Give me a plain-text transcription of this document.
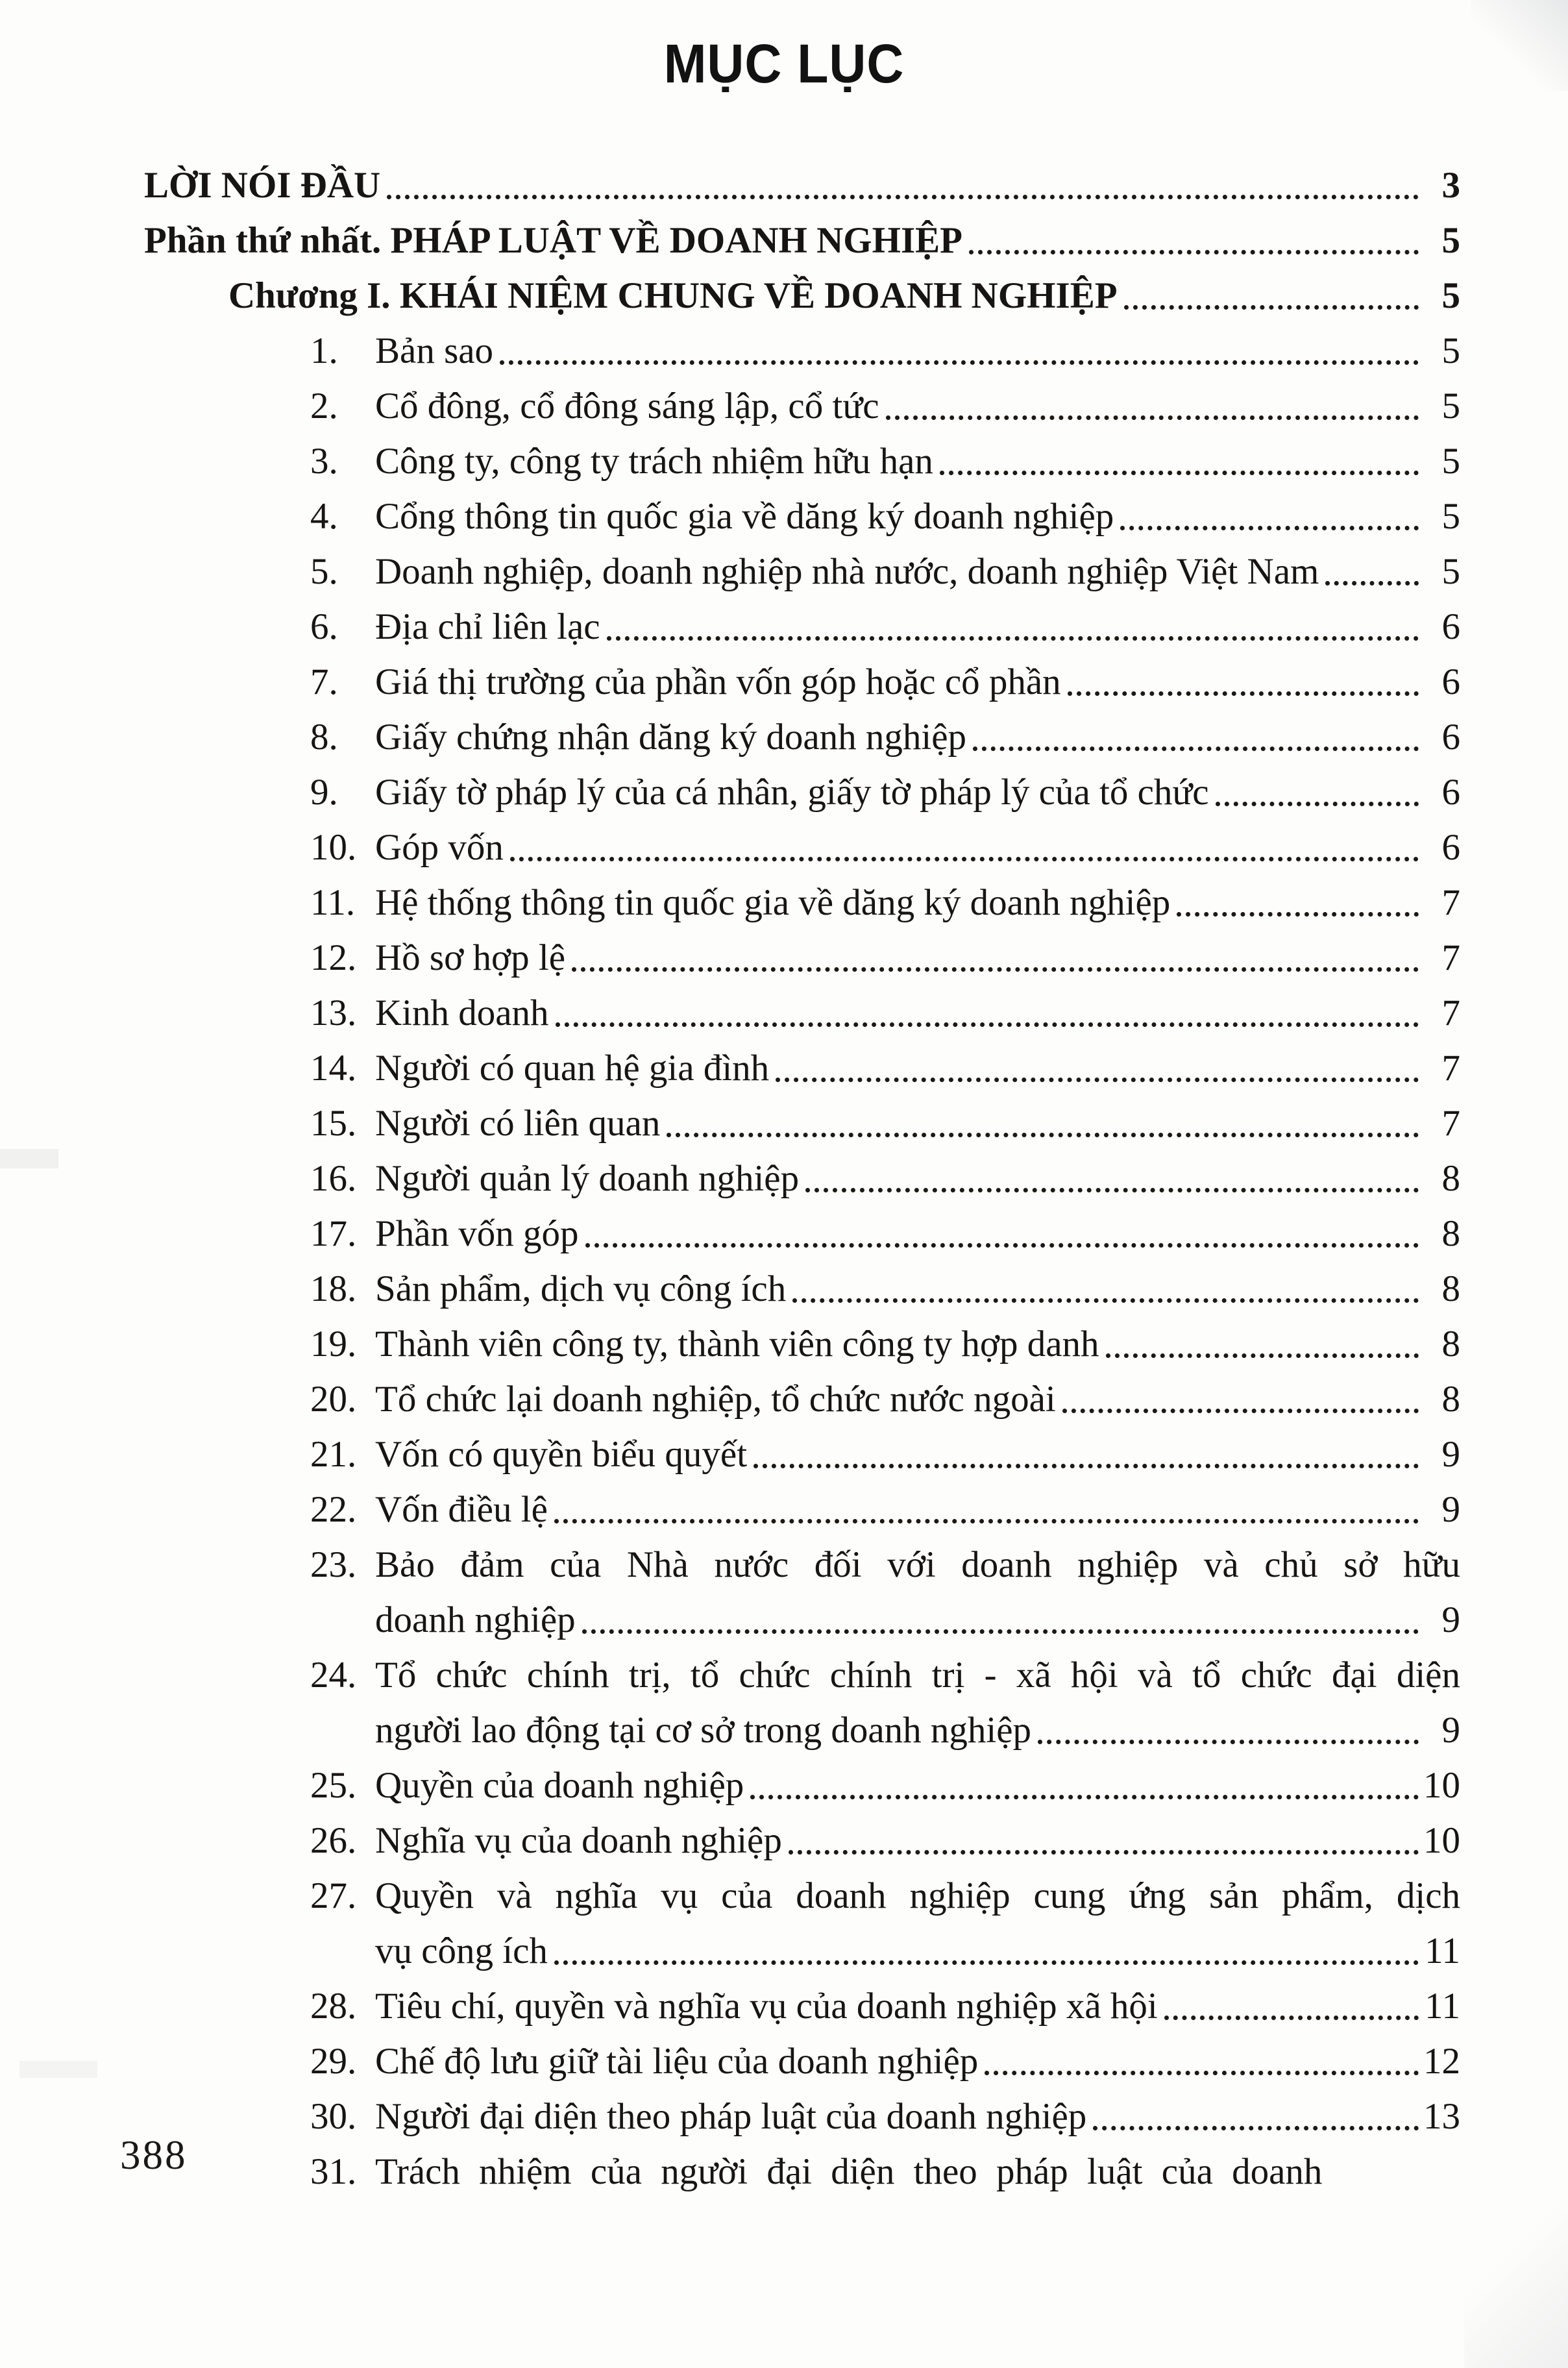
MỤC LỤC
LỜI NÓI ĐẦU	3
Phần thứ nhất. PHÁP LUẬT VỀ DOANH NGHIỆP	5
Chương I. KHÁI NIỆM CHUNG VỀ DOANH NGHIỆP	5
1.	Bản sao	5
2.	Cổ đông, cổ đông sáng lập, cổ tức	5
3.	Công ty, công ty trách nhiệm hữu hạn	5
4.	Cổng thông tin quốc gia về dăng ký doanh nghiệp	5
5.	Doanh nghiệp, doanh nghiệp nhà nước, doanh nghiệp Việt Nam	5
6.	Địa chỉ liên lạc	6
7.	Giá thị trường của phần vốn góp hoặc cổ phần	6
8.	Giấy chứng nhận dăng ký doanh nghiệp	6
9.	Giấy tờ pháp lý của cá nhân, giấy tờ pháp lý của tổ chức	6
10. Góp vốn	6
11. Hệ thống thông tin quốc gia về dăng ký doanh nghiệp	7
12. Hồ sơ hợp lệ	7
13. Kinh doanh	7
14. Người có quan hệ gia đình	7
15. Người có liên quan	7
16. Người quản lý doanh nghiệp	8
17. Phần vốn góp	8
18. Sản phẩm, dịch vụ công ích	8
19. Thành viên công ty, thành viên công ty hợp danh	8
20. Tổ chức lại doanh nghiệp, tổ chức nước ngoài	8
21. Vốn có quyền biểu quyết	9
22. Vốn điều lệ	9
23. Bảo đảm của Nhà nước đối với doanh nghiệp và chủ sở hữu
doanh nghiệp	9
24. Tổ chức chính trị, tổ chức chính trị - xã hội và tổ chức đại diện
người lao động tại cơ sở trong doanh nghiệp	9
25. Quyền của doanh nghiệp	10
26. Nghĩa vụ của doanh nghiệp	10
27. Quyền và nghĩa vụ của doanh nghiệp cung ứng sản phẩm, dịch
vụ công ích	11
28. Tiêu chí, quyền và nghĩa vụ của doanh nghiệp xã hội	11
29. Chế độ lưu giữ tài liệu của doanh nghiệp	12
30. Người đại diện theo pháp luật của doanh nghiệp	13
31. Trách nhiệm của người đại diện theo pháp luật của doanh
388
